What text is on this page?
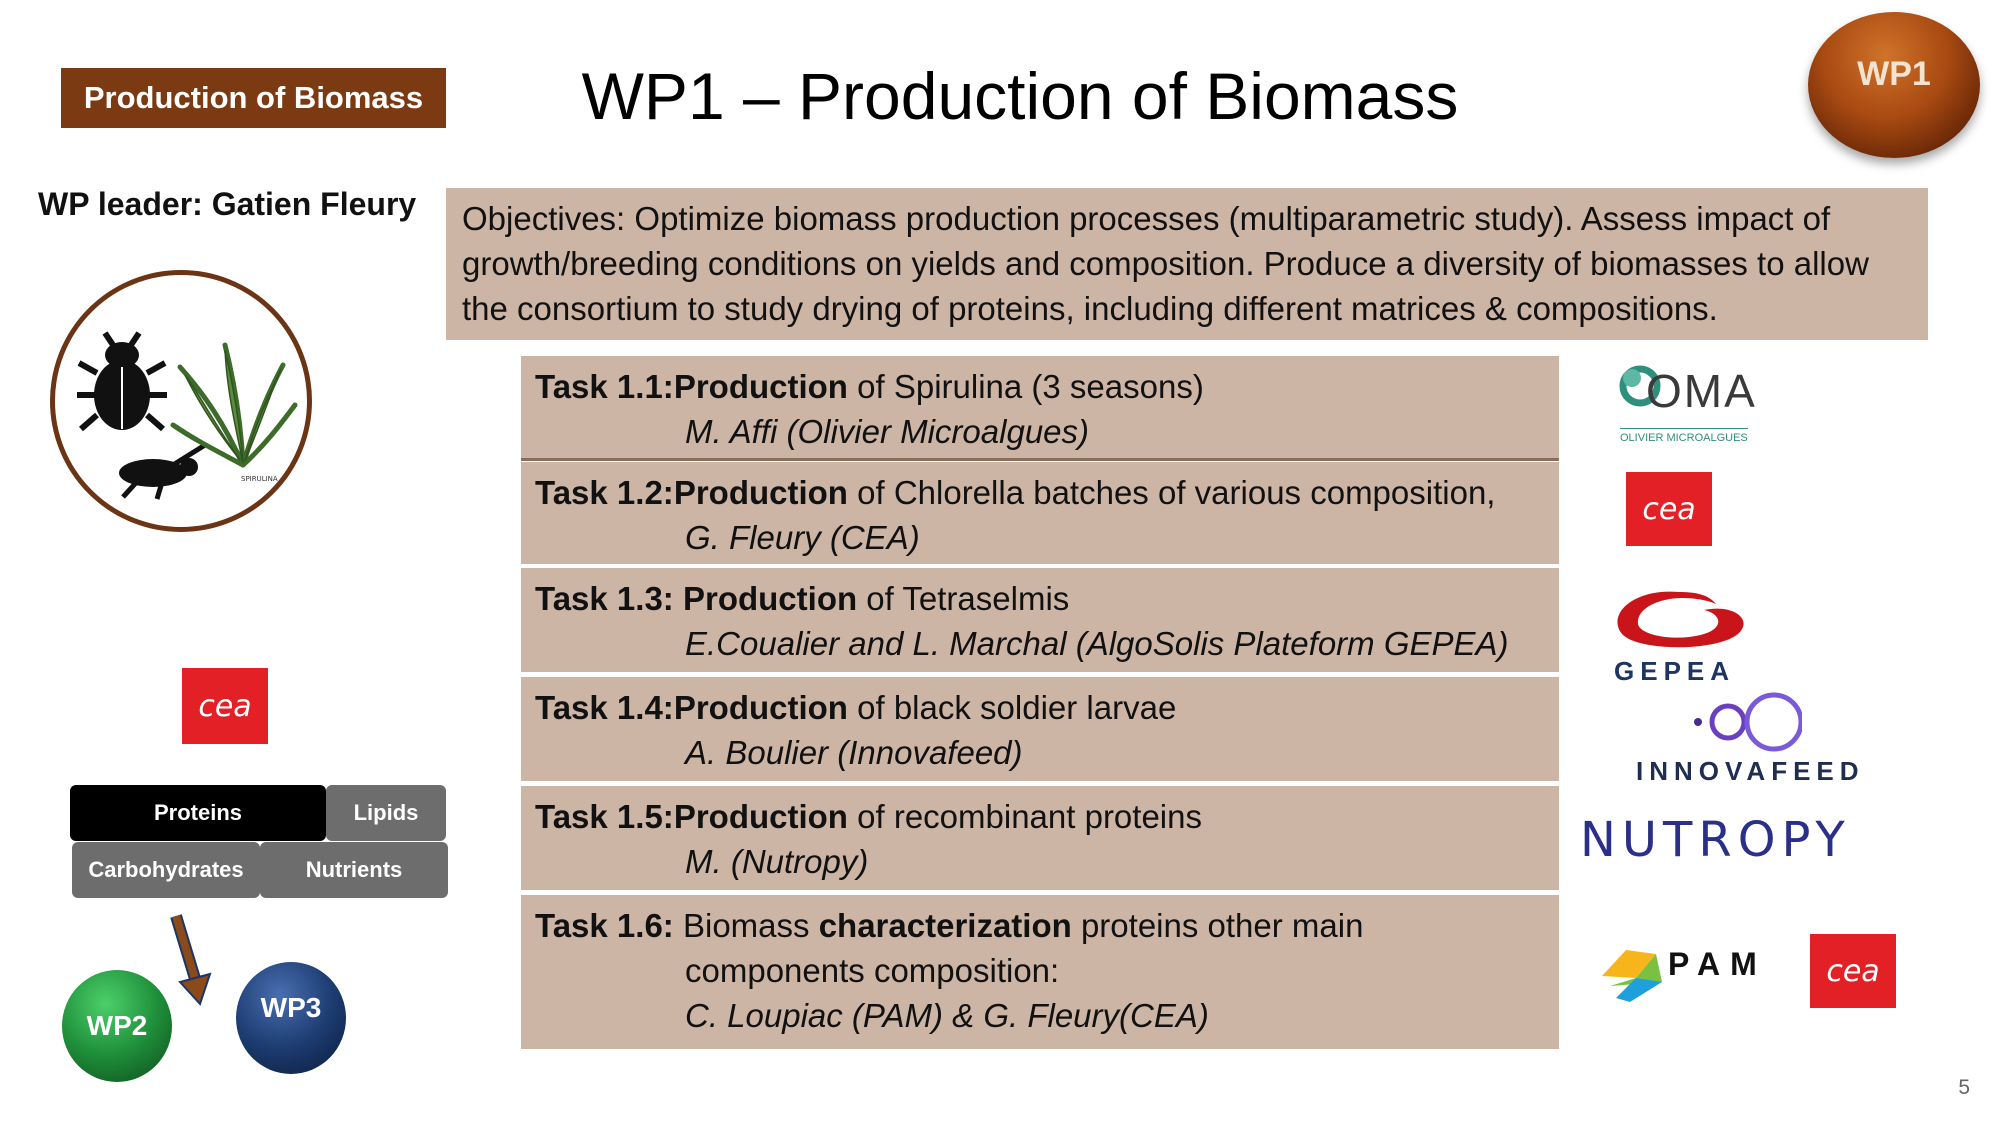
Production of Biomass	WP1 – Production of Biomass	WP1
WP leader: Gatien Fleury	Objectives: Optimize biomass production processes (multiparametric study). Assess impact of growth/breeding conditions on yields and composition. Produce a diversity of biomasses to allow the consortium to study drying of proteins, including different matrices & compositions.
SPIRULINA
cea
Proteins	Lipids
Carbohydrates	Nutrients
WP2
WP3
Task 1.1:Production of Spirulina (3 seasons)
M. Affi (Olivier Microalgues)
Task 1.2:Production of Chlorella batches of various composition,
G. Fleury (CEA)
Task 1.3: Production of Tetraselmis
E.Coualier and L. Marchal (AlgoSolis Plateform GEPEA)
Task 1.4:Production of black soldier larvae
A. Boulier (Innovafeed)
Task 1.5:Production of recombinant proteins
M. (Nutropy)
Task 1.6: Biomass characterization proteins other main
components composition:
C. Loupiac (PAM) & G. Fleury(CEA)
OMA
OLIVIER MICROALGUES
cea
GEPEA
INNOVAFEED
NUTROPY
PAM	cea
5
